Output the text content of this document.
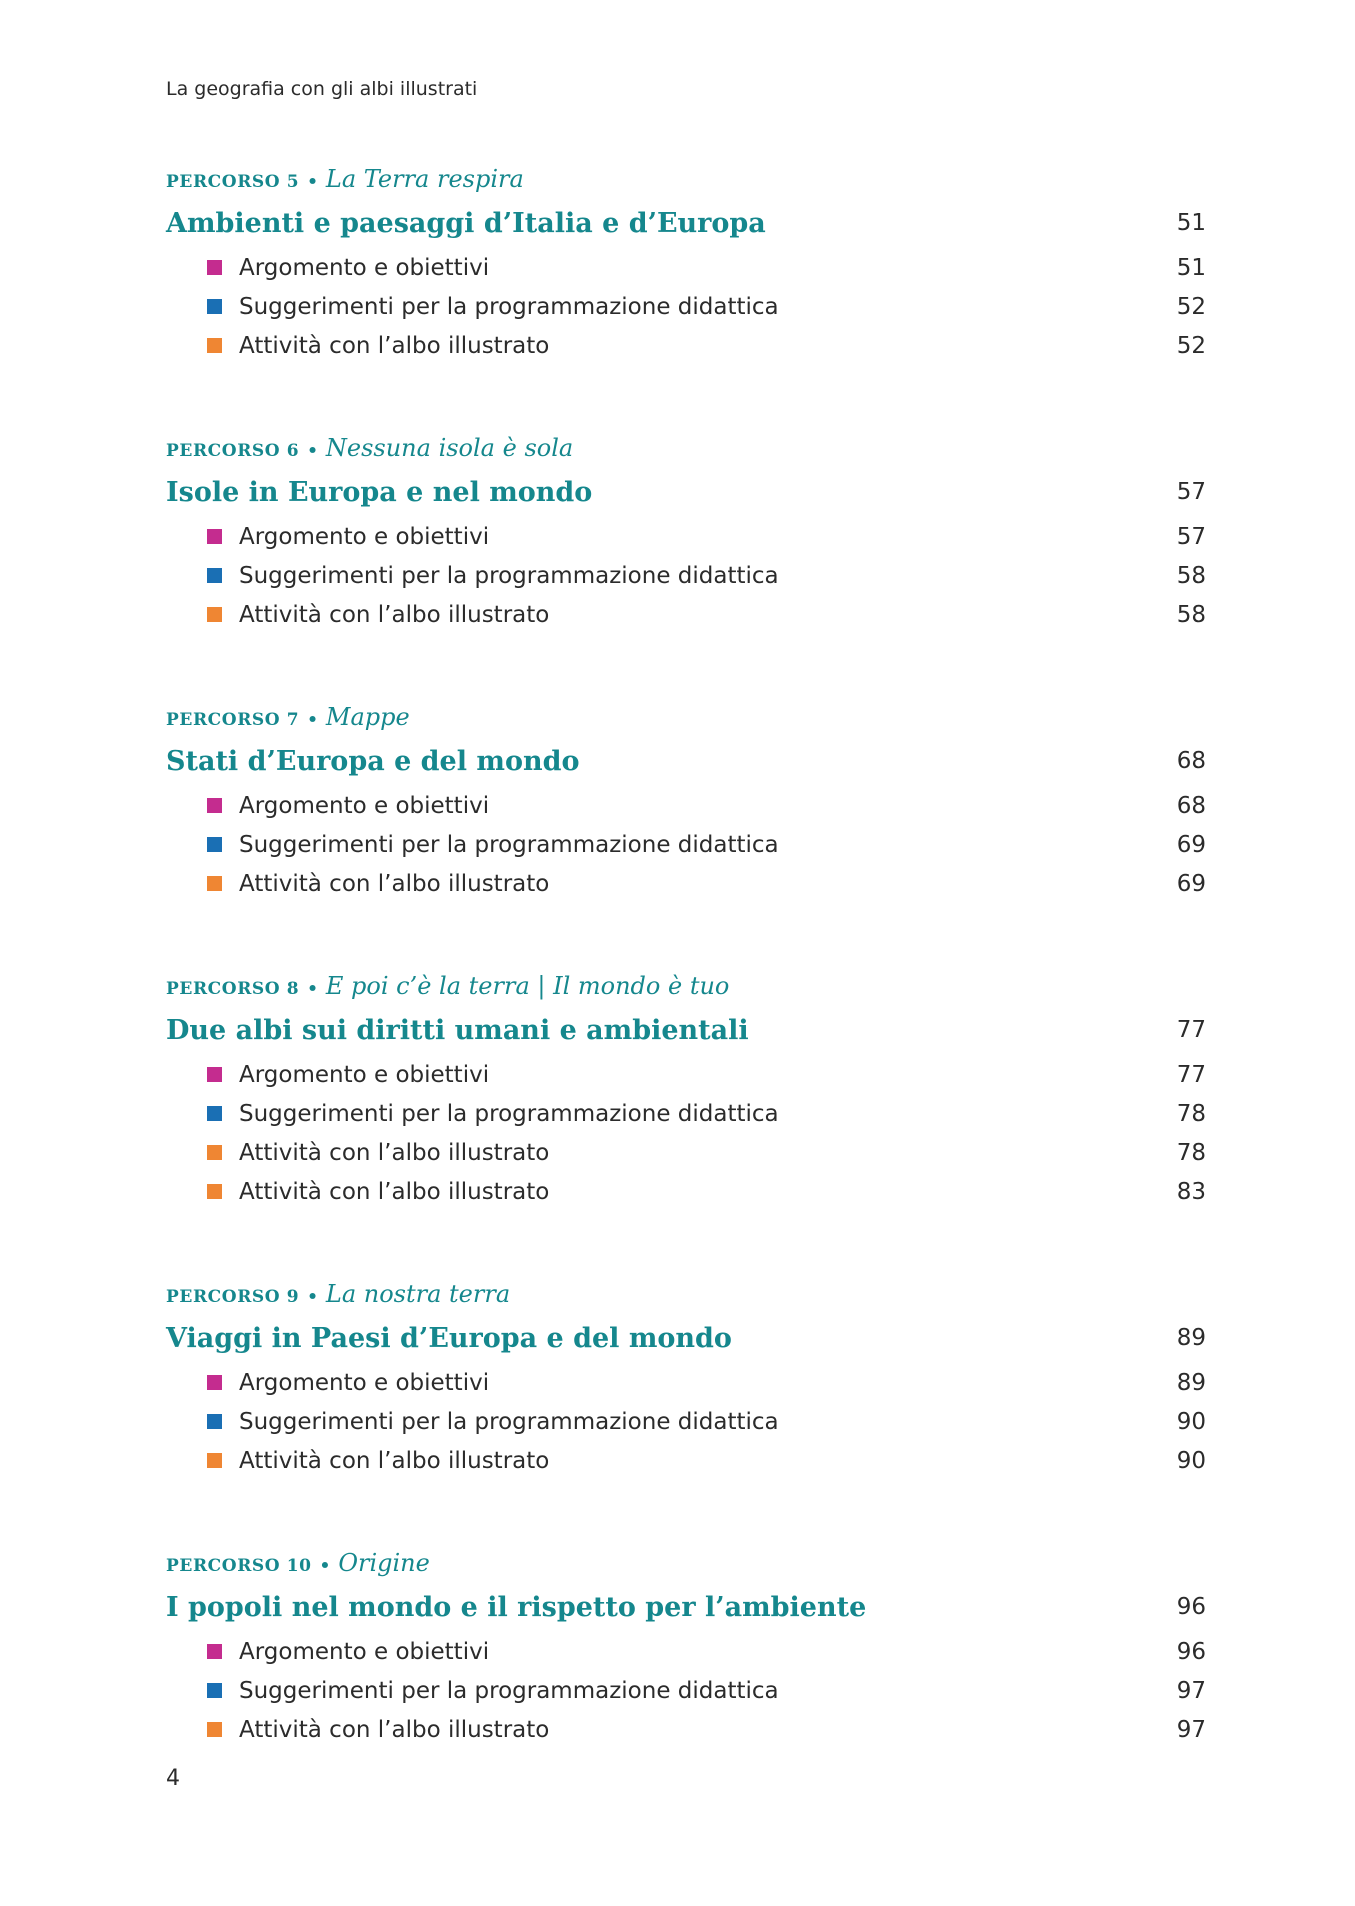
La geografia con gli albi illustrati
PERCORSO 5 • La Terra respira
Ambienti e paesaggi d’Italia e d’Europa	51
Argomento e obiettivi	51
Suggerimenti per la programmazione didattica	52
Attività con l’albo illustrato	52
PERCORSO 6 • Nessuna isola è sola
Isole in Europa e nel mondo	57
Argomento e obiettivi	57
Suggerimenti per la programmazione didattica	58
Attività con l’albo illustrato	58
PERCORSO 7 • Mappe
Stati d’Europa e del mondo	68
Argomento e obiettivi	68
Suggerimenti per la programmazione didattica	69
Attività con l’albo illustrato	69
PERCORSO 8 • E poi c’è la terra | Il mondo è tuo
Due albi sui diritti umani e ambientali	77
Argomento e obiettivi	77
Suggerimenti per la programmazione didattica	78
Attività con l’albo illustrato	78
Attività con l’albo illustrato	83
PERCORSO 9 • La nostra terra
Viaggi in Paesi d’Europa e del mondo	89
Argomento e obiettivi	89
Suggerimenti per la programmazione didattica	90
Attività con l’albo illustrato	90
PERCORSO 10 • Origine
I popoli nel mondo e il rispetto per l’ambiente	96
Argomento e obiettivi	96
Suggerimenti per la programmazione didattica	97
Attività con l’albo illustrato	97
4
